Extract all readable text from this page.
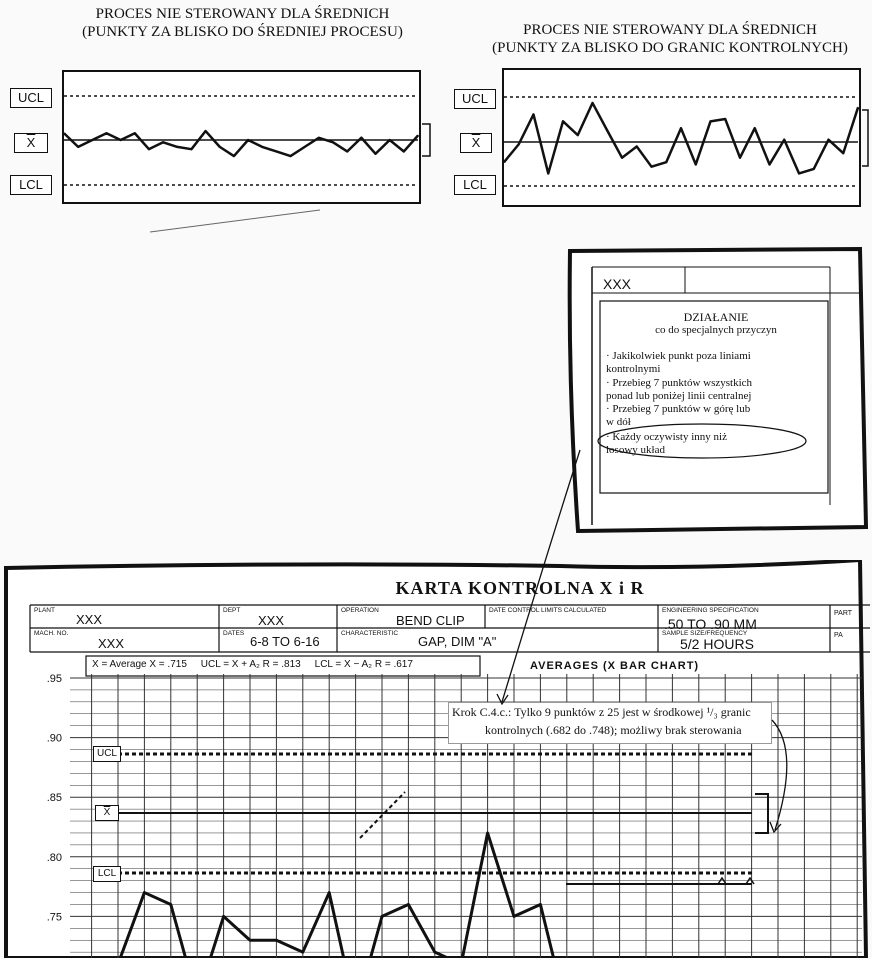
PROCES NIE STEROWANY DLA ŚREDNICH
(PUNKTY ZA BLISKO DO ŚREDNIEJ PROCESU)
UCL
$\overline{X}$
LCL
PROCES NIE STEROWANY DLA ŚREDNICH
(PUNKTY ZA BLISKO DO GRANIC KONTROLNYCH)
UCL
$\overline{X}$
LCL
XXX
DZIAŁANIE
co do specjalnych przyczyn
· Jakikolwiek punkt poza liniami
kontrolnymi
· Przebieg 7 punktów wszystkich
ponad lub poniżej linii centralnej
· Przebieg 7 punktów w górę lub
w dół
· Każdy oczywisty inny niż
losowy układ
KARTA KONTROLNA X i R
PLANT
XXX
DEPT
XXX
OPERATION
BEND CLIP
DATE CONTROL LIMITS CALCULATED	ENGINEERING SPECIFICATION
.50 TO .90 MM
PART
MACH. NO.
XXX
DATES
6-8 TO 6-16
CHARACTERISTIC
GAP, DIM "A"
SAMPLE SIZE/FREQUENCY
5/2 HOURS
PA
X = Average X = .715     UCL = X + A₂ R = .813     LCL = X − A₂ R = .617	AVERAGES (X BAR CHART)
.95
.90
.85
.80
.75
UCL
$\overline{X}$
LCL
Krok C.4.c.: Tylko 9 punktów z 25 jest w środkowej ¹/₃ granic
kontrolnych (.682 do .748); możliwy brak sterowania
